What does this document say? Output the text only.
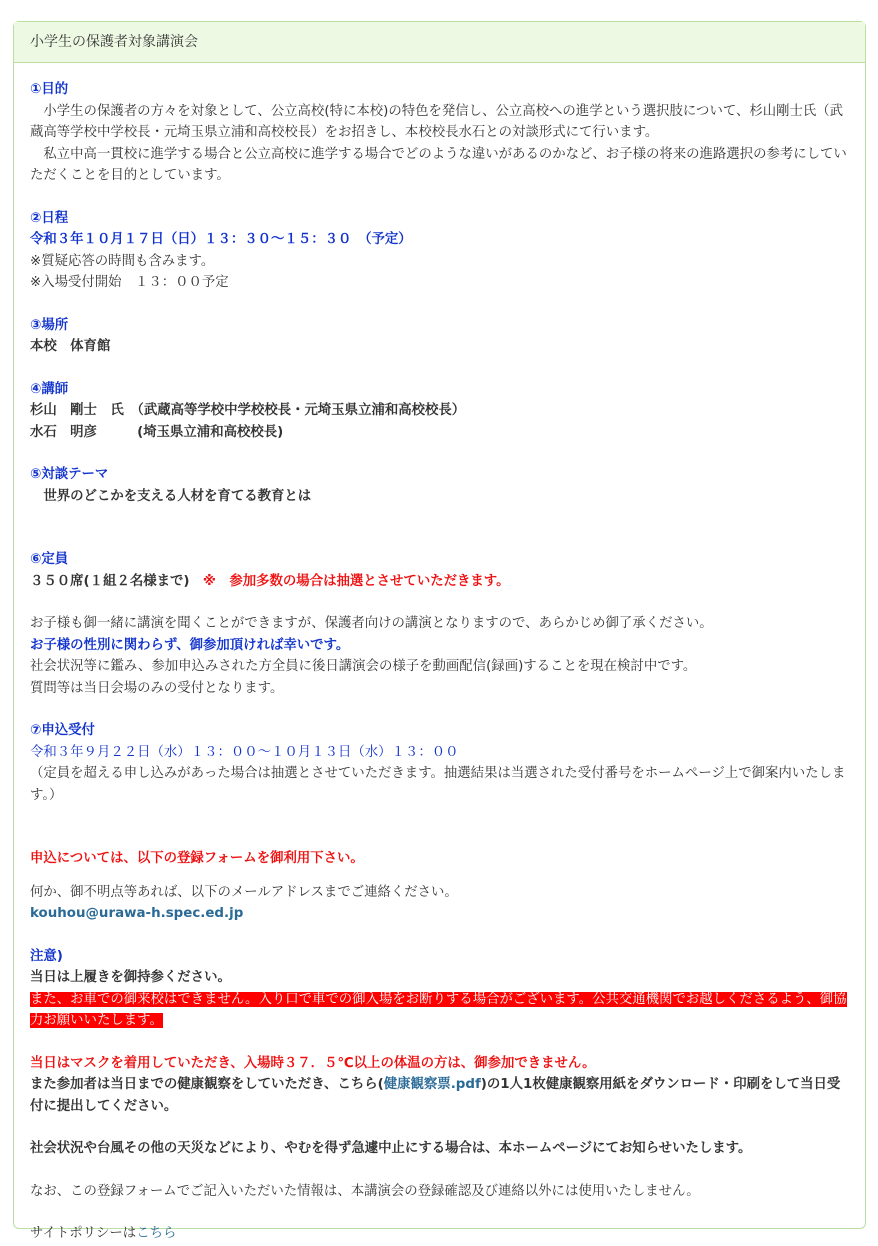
小学生の保護者対象講演会
①目的
　小学生の保護者の方々を対象として、公立高校(特に本校)の特色を発信し、公立高校への進学という選択肢について、杉山剛士氏（武蔵高等学校中学校長・元埼玉県立浦和高校校長）をお招きし、本校校長水石との対談形式にて行います。
　私立中高一貫校に進学する場合と公立高校に進学する場合でどのような違いがあるのかなど、お子様の将来の進路選択の参考にしていただくことを目的としています。
②日程
令和３年１０月１７日（日）１３：３０～１５：３０　（予定）
※質疑応答の時間も含みます。
※入場受付開始　１３：００予定
③場所
本校　体育館
④講師
杉山　剛士　氏　（武蔵高等学校中学校校長・元埼玉県立浦和高校校長）
水石　明彦　　　(埼玉県立浦和高校校長)
⑤対談テーマ
　世界のどこかを支える人材を育てる教育とは
⑥定員
３５０席(１組２名様まで)　※　参加多数の場合は抽選とさせていただきます。
お子様も御一緒に講演を聞くことができますが、保護者向けの講演となりますので、あらかじめ御了承ください。
お子様の性別に関わらず、御参加頂ければ幸いです。
社会状況等に鑑み、参加申込みされた方全員に後日講演会の様子を動画配信(録画)することを現在検討中です。
質問等は当日会場のみの受付となります。
⑦申込受付
令和３年９月２２日（水）１３：００～１０月１３日（水）１３：００
（定員を超える申し込みがあった場合は抽選とさせていただきます。抽選結果は当選された受付番号をホームページ上で御案内いたします。）
申込については、以下の登録フォームを御利用下さい。
何か、御不明点等あれば、以下のメールアドレスまでご連絡ください。
kouhou@urawa-h.spec.ed.jp
注意)
当日は上履きを御持参ください。
また、お車での御来校はできません。入り口で車での御入場をお断りする場合がございます。公共交通機関でお越しくださるよう、御協力お願いいたします。
当日はマスクを着用していただき、入場時３７．５℃以上の体温の方は、御参加できません。
また参加者は当日までの健康観察をしていただき、こちら(健康観察票.pdf)の1人1枚健康観察用紙をダウンロード・印刷をして当日受付に提出してください。
社会状況や台風その他の天災などにより、やむを得ず急遽中止にする場合は、本ホームページにてお知らせいたします。
なお、この登録フォームでご記入いただいた情報は、本講演会の登録確認及び連絡以外には使用いたしません。
サイトポリシーはこちら
